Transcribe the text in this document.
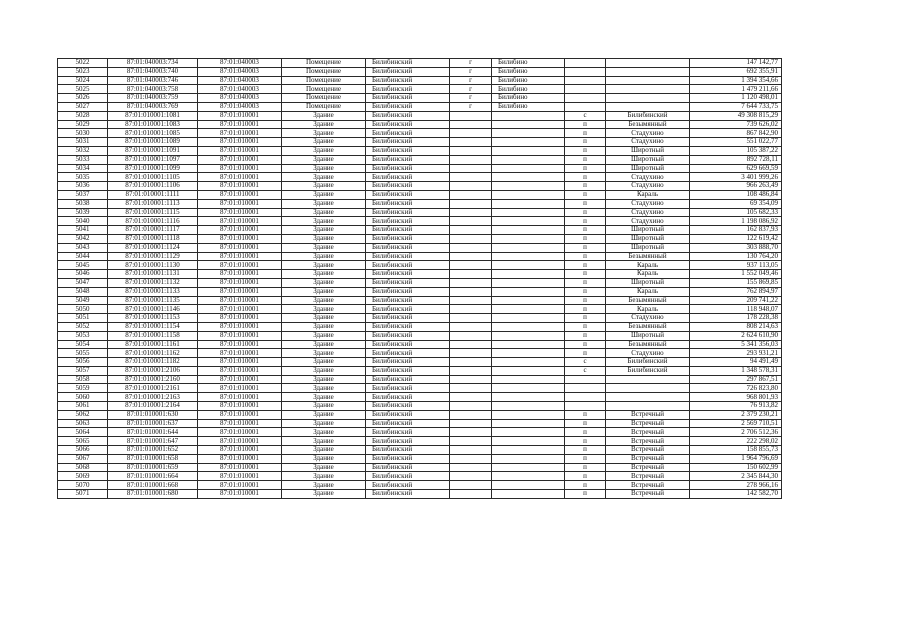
5022	87:01:040003:734	87:01:040003	Помещение	Билибинский	г	Билибино			147 142,77
5023	87:01:040003:740	87:01:040003	Помещение	Билибинский	г	Билибино			692 355,91
5024	87:01:040003:746	87:01:040003	Помещение	Билибинский	г	Билибино			1 394 354,66
5025	87:01:040003:758	87:01:040003	Помещение	Билибинский	г	Билибино			1 479 211,66
5026	87:01:040003:759	87:01:040003	Помещение	Билибинский	г	Билибино			1 120 498,01
5027	87:01:040003:769	87:01:040003	Помещение	Билибинский	г	Билибино			7 644 733,75
5028	87:01:010001:1081	87:01:010001	Здание	Билибинский			с	Билибинский	49 308 815,29
5029	87:01:010001:1083	87:01:010001	Здание	Билибинский			п	Безымянный	739 626,02
5030	87:01:010001:1085	87:01:010001	Здание	Билибинский			п	Стадухино	867 842,90
5031	87:01:010001:1089	87:01:010001	Здание	Билибинский			п	Стадухино	551 022,77
5032	87:01:010001:1091	87:01:010001	Здание	Билибинский			п	Широтный	105 387,22
5033	87:01:010001:1097	87:01:010001	Здание	Билибинский			п	Широтный	892 728,11
5034	87:01:010001:1099	87:01:010001	Здание	Билибинский			п	Широтный	629 669,59
5035	87:01:010001:1105	87:01:010001	Здание	Билибинский			п	Стадухино	3 401 999,26
5036	87:01:010001:1106	87:01:010001	Здание	Билибинский			п	Стадухино	966 263,49
5037	87:01:010001:1111	87:01:010001	Здание	Билибинский			п	Караль	108 486,84
5038	87:01:010001:1113	87:01:010001	Здание	Билибинский			п	Стадухино	69 354,09
5039	87:01:010001:1115	87:01:010001	Здание	Билибинский			п	Стадухино	105 682,33
5040	87:01:010001:1116	87:01:010001	Здание	Билибинский			п	Стадухино	1 198 086,92
5041	87:01:010001:1117	87:01:010001	Здание	Билибинский			п	Широтный	162 837,93
5042	87:01:010001:1118	87:01:010001	Здание	Билибинский			п	Широтный	122 619,42
5043	87:01:010001:1124	87:01:010001	Здание	Билибинский			п	Широтный	303 888,70
5044	87:01:010001:1129	87:01:010001	Здание	Билибинский			п	Безымянный	130 764,20
5045	87:01:010001:1130	87:01:010001	Здание	Билибинский			п	Караль	937 113,05
5046	87:01:010001:1131	87:01:010001	Здание	Билибинский			п	Караль	1 552 049,46
5047	87:01:010001:1132	87:01:010001	Здание	Билибинский			п	Широтный	155 869,85
5048	87:01:010001:1133	87:01:010001	Здание	Билибинский			п	Караль	762 894,97
5049	87:01:010001:1135	87:01:010001	Здание	Билибинский			п	Безымянный	209 741,22
5050	87:01:010001:1146	87:01:010001	Здание	Билибинский			п	Караль	118 948,07
5051	87:01:010001:1153	87:01:010001	Здание	Билибинский			п	Стадухино	178 228,38
5052	87:01:010001:1154	87:01:010001	Здание	Билибинский			п	Безымянный	808 214,63
5053	87:01:010001:1158	87:01:010001	Здание	Билибинский			п	Широтный	2 624 610,90
5054	87:01:010001:1161	87:01:010001	Здание	Билибинский			п	Безымянный	5 341 356,03
5055	87:01:010001:1162	87:01:010001	Здание	Билибинский			п	Стадухино	293 931,21
5056	87:01:010001:1182	87:01:010001	Здание	Билибинский			с	Билибинский	94 491,49
5057	87:01:010001:2106	87:01:010001	Здание	Билибинский			с	Билибинский	1 348 578,31
5058	87:01:010001:2160	87:01:010001	Здание	Билибинский					297 867,51
5059	87:01:010001:2161	87:01:010001	Здание	Билибинский					726 823,80
5060	87:01:010001:2163	87:01:010001	Здание	Билибинский					968 801,93
5061	87:01:010001:2164	87:01:010001	Здание	Билибинский					76 913,82
5062	87:01:010001:630	87:01:010001	Здание	Билибинский			п	Встречный	2 379 230,21
5063	87:01:010001:637	87:01:010001	Здание	Билибинский			п	Встречный	2 569 710,51
5064	87:01:010001:644	87:01:010001	Здание	Билибинский			п	Встречный	2 706 512,36
5065	87:01:010001:647	87:01:010001	Здание	Билибинский			п	Встречный	222 298,02
5066	87:01:010001:652	87:01:010001	Здание	Билибинский			п	Встречный	158 855,73
5067	87:01:010001:658	87:01:010001	Здание	Билибинский			п	Встречный	1 964 796,69
5068	87:01:010001:659	87:01:010001	Здание	Билибинский			п	Встречный	150 602,99
5069	87:01:010001:664	87:01:010001	Здание	Билибинский			п	Встречный	2 345 844,30
5070	87:01:010001:668	87:01:010001	Здание	Билибинский			п	Встречный	278 966,16
5071	87:01:010001:680	87:01:010001	Здание	Билибинский			п	Встречный	142 582,70
